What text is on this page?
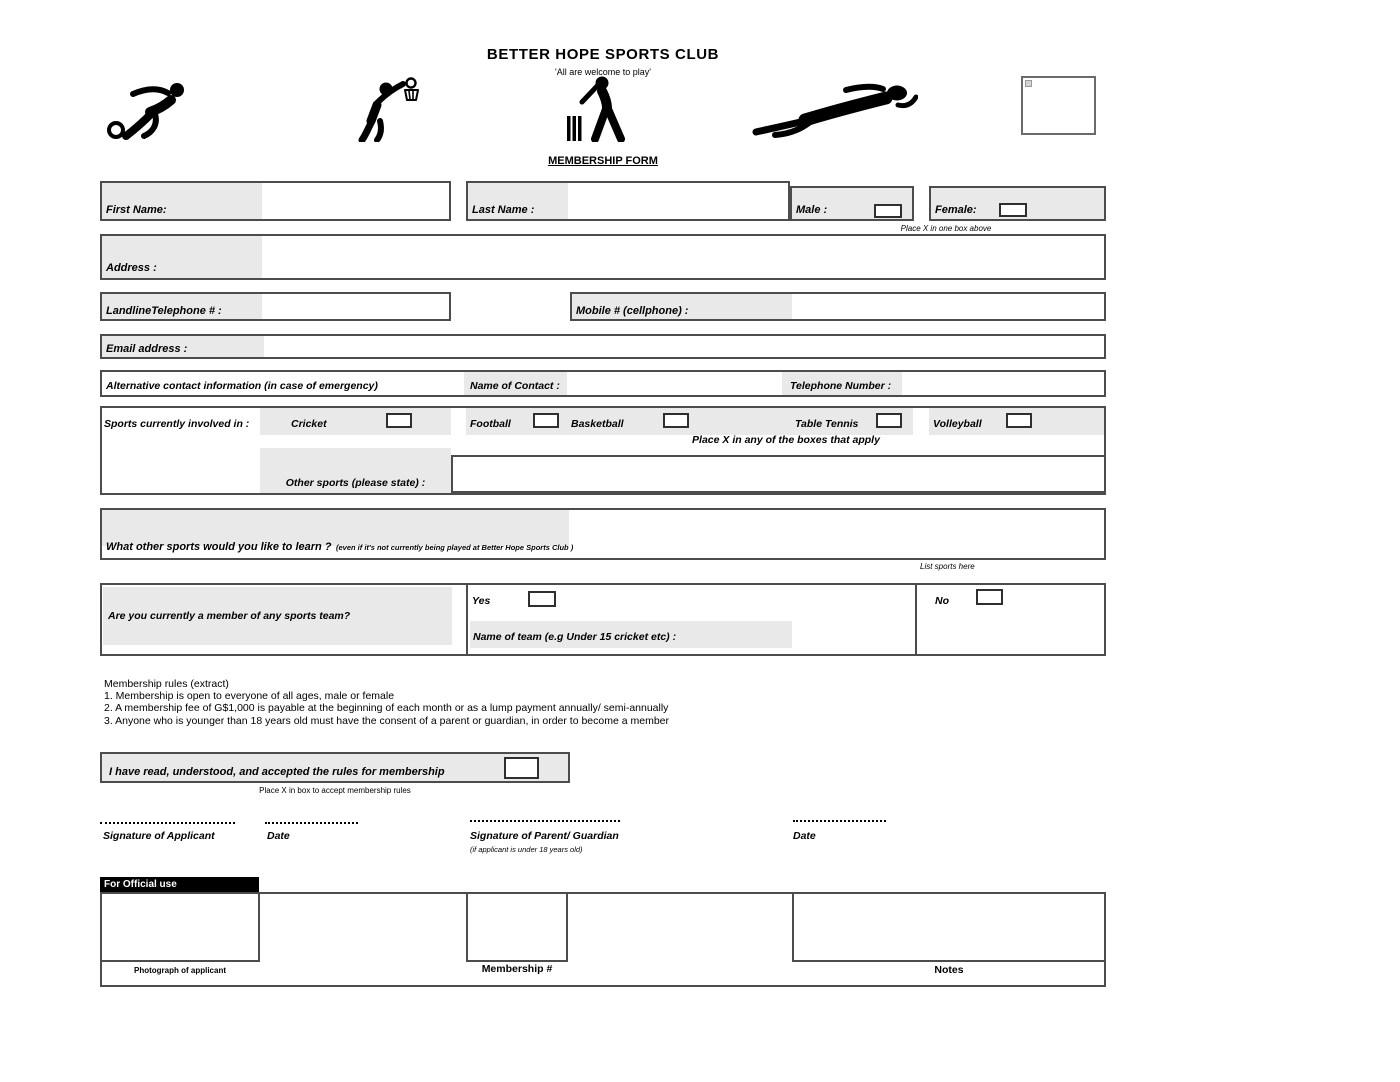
BETTER HOPE SPORTS CLUB
'All are welcome to play'
MEMBERSHIP FORM
First Name:	Last Name :	Male :	Female:
Place X in one box above
Address :
LandlineTelephone # :	Mobile # (cellphone) :
Email address :
Alternative contact information (in case of emergency)	Name of Contact :	Telephone Number :
Sports currently involved in :	Cricket	Football	Basketball	Table Tennis	Volleyball
Place X in any of the boxes that apply
Other sports (please state) :
What other sports would you like to learn ? (even if it's not currently being played at Better Hope Sports Club )
List sports here
Are you currently a member of any sports team?
Yes
Name of team (e.g Under 15 cricket etc) :
No
Membership rules (extract)
1. Membership is open to everyone of all ages, male or female
2. A membership fee of G$1,000 is payable at the beginning of each month or as a lump payment annually/ semi-annually
3. Anyone who is younger than 18 years old must have the consent of a parent or guardian, in order to become a member
I have read, understood, and accepted the rules for membership
Place X in box to accept membership rules
Signature of Applicant	Date	Signature of Parent/ Guardian
(if applicant is under 18 years old)
Date
For Official use
Photograph of applicant	Membership #	Notes
